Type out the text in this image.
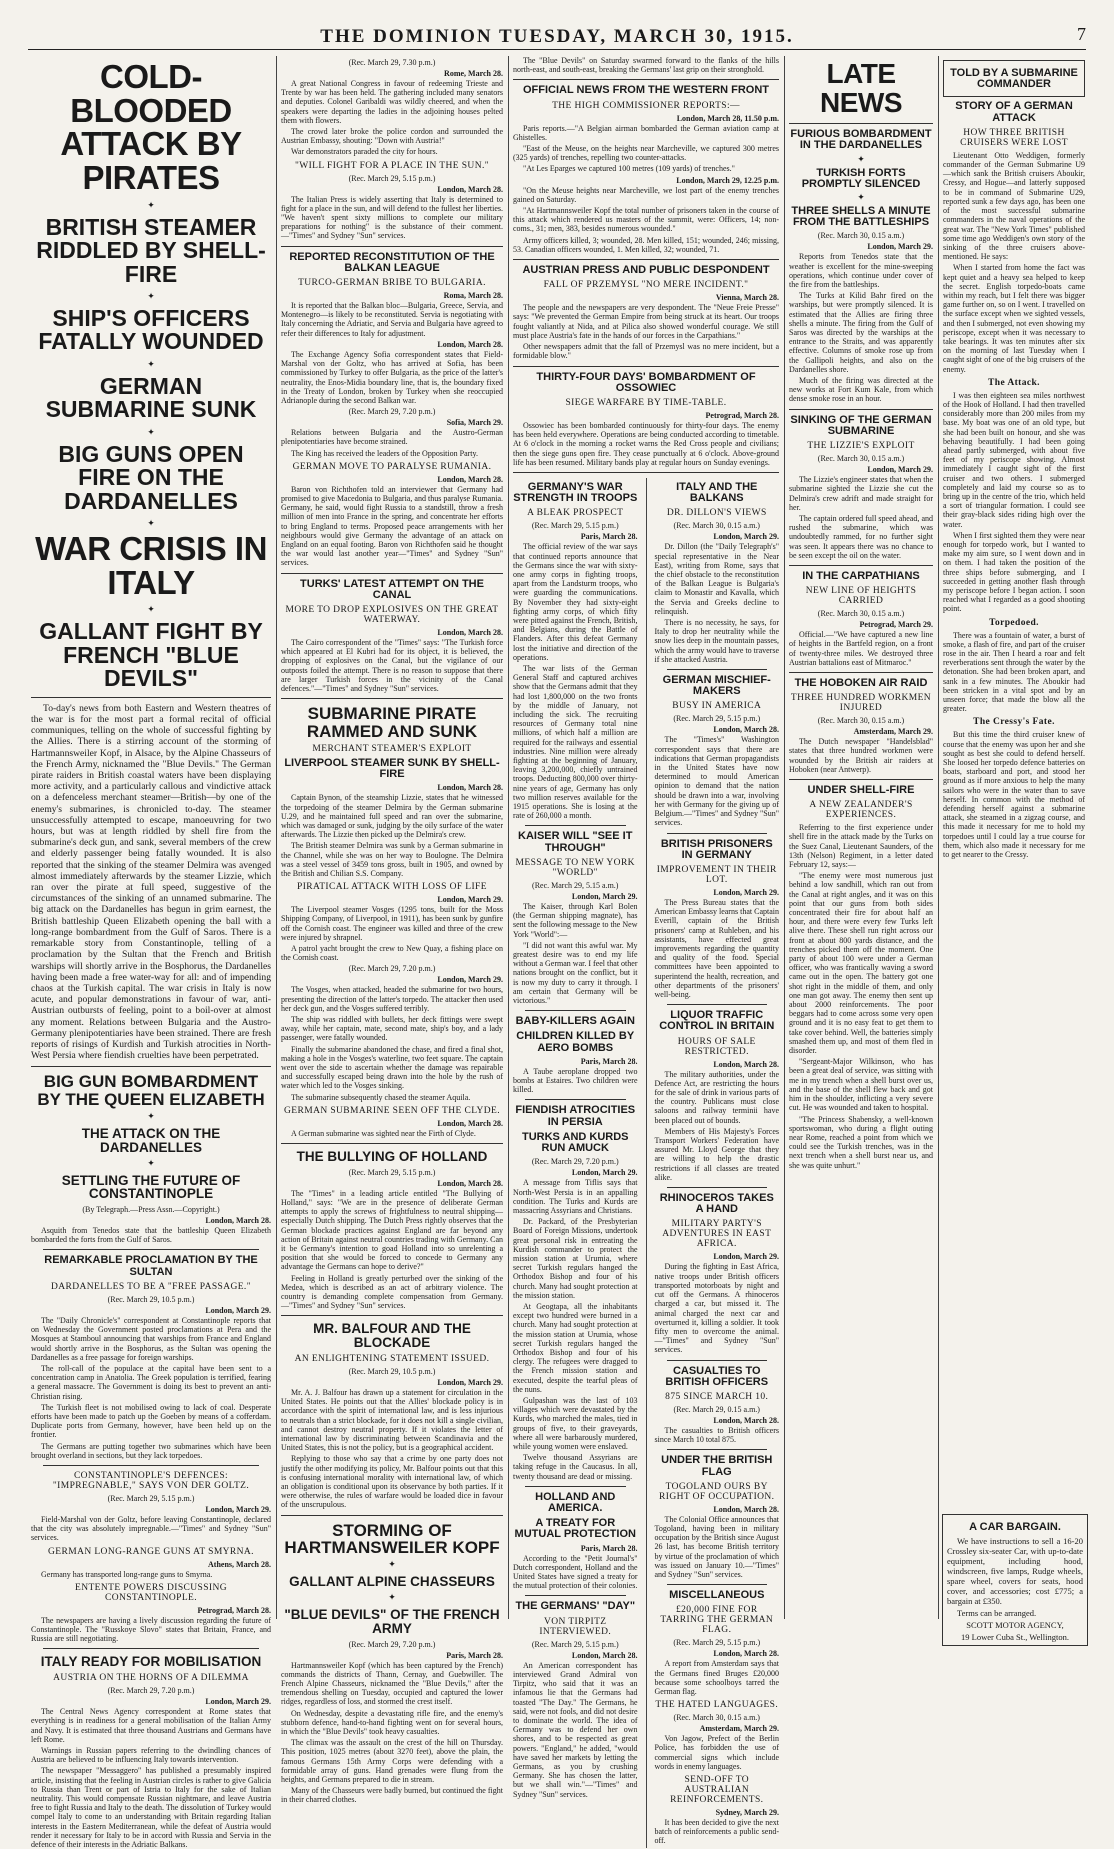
THE DOMINION TUESDAY, MARCH 30, 1915.	7
COLD-BLOODED ATTACK BY PIRATES
✦
BRITISH STEAMER RIDDLED BY SHELL-FIRE
✦
SHIP'S OFFICERS FATALLY WOUNDED
✦
GERMAN SUBMARINE SUNK
✦
BIG GUNS OPEN FIRE ON THE DARDANELLES
✦
WAR CRISIS IN ITALY
✦
GALLANT FIGHT BY FRENCH "BLUE DEVILS"

To-day's news from both Eastern and Western theatres of the war is for the most part a formal recital of official communiques, telling on the whole of successful fighting by the Allies. There is a stirring account of the storming of Hartmannsweiler Kopf, in Alsace, by the Alpine Chasseurs of the French Army, nicknamed the "Blue Devils." The German pirate raiders in British coastal waters have been displaying more activity, and a particularly callous and vindictive attack on a defenceless merchant steamer—British—by one of the enemy's submarines, is chronicled to-day. The steamer unsuccessfully attempted to escape, manoeuvring for two hours, but was at length riddled by shell fire from the submarine's deck gun, and sank, several members of the crew and elderly passenger being fatally wounded. It is also reported that the sinking of the steamer Delmira was avenged almost immediately afterwards by the steamer Lizzie, which ran over the pirate at full speed, suggestive of the circumstances of the sinking of an unnamed submarine. The big attack on the Dardanelles has begun in grim earnest, the British battleship Queen Elizabeth opening the ball with a long-range bombardment from the Gulf of Saros. There is a remarkable story from Constantinople, telling of a proclamation by the Sultan that the French and British warships will shortly arrive in the Bosphorus, the Dardanelles having been made a free water-way for all: and of impending chaos at the Turkish capital. The war crisis in Italy is now acute, and popular demonstrations in favour of war, anti-Austrian outbursts of feeling, point to a boil-over at almost any moment. Relations between Bulgaria and the Austro-Germany plenipotentiaries have been strained. There are fresh reports of risings of Kurdish and Turkish atrocities in North-West Persia where fiendish cruelties have been perpetrated.

BIG GUN BOMBARDMENT BY THE QUEEN ELIZABETH
✦
THE ATTACK ON THE DARDANELLES
✦
SETTLING THE FUTURE OF CONSTANTINOPLE
(By Telegraph.—Press Assn.—Copyright.)
London, March 28.

Asquith from Tenedos state that the battleship Queen Elizabeth bombarded the forts from the Gulf of Saros.

REMARKABLE PROCLAMATION BY THE SULTAN
DARDANELLES TO BE A "FREE PASSAGE."
(Rec. March 29, 10.5 p.m.)
London, March 29.

The "Daily Chronicle's" correspondent at Constantinople reports that on Wednesday the Government posted proclamations at Pera and the Mosques at Stamboul announcing that warships from France and England would shortly arrive in the Bosphorus, as the Sultan was opening the Dardanelles as a free passage for foreign warships.

The roll-call of the populace at the capital have been sent to a concentration camp in Anatolia. The Greek population is terrified, fearing a general massacre. The Government is doing its best to prevent an anti-Christian rising.

The Turkish fleet is not mobilised owing to lack of coal. Desperate efforts have been made to patch up the Goeben by means of a cofferdam. Duplicate ports from Germany, however, have been held up on the frontier.

The Germans are putting together two submarines which have been brought overland in sections, but they lack torpedoes.

CONSTANTINOPLE'S DEFENCES: "IMPREGNABLE," SAYS VON DER GOLTZ.
(Rec. March 29, 5.15 p.m.)
London, March 29.

Field-Marshal von der Goltz, before leaving Constantinople, declared that the city was absolutely impregnable.—"Times" and Sydney "Sun" services.

GERMAN LONG-RANGE GUNS AT SMYRNA.
Athens, March 28.

Germany has transported long-range guns to Smyrna.

ENTENTE POWERS DISCUSSING CONSTANTINOPLE.
Petrograd, March 28.

The newspapers are having a lively discussion regarding the future of Constantinople. The "Russkoye Slovo" states that Britain, France, and Russia are still negotiating.

ITALY READY FOR MOBILISATION
AUSTRIA ON THE HORNS OF A DILEMMA
(Rec. March 29, 7.20 p.m.)
London, March 29.

The Central News Agency correspondent at Rome states that everything is in readiness for a general mobilisation of the Italian Army and Navy. It is estimated that three thousand Austrians and Germans have left Rome.

Warnings in Russian papers referring to the dwindling chances of Austria are believed to be influencing Italy towards intervention.

The newspaper "Messaggero" has published a presumably inspired article, insisting that the feeling in Austrian circles is rather to give Galicia to Russia than Trent or part of Istria to Italy for the sake of Italian neutrality. This would compensate Russian nightmare, and leave Austria free to fight Russia and Italy to the death. The dissolution of Turkey would compel Italy to come to an understanding with Britain regarding Italian interests in the Eastern Mediterranean, while the defeat of Austria would render it necessary for Italy to be in accord with Russia and Servia in the defence of their interests in the Adriatic Balkans.

(Rec. March 29, 7.30 p.m.)
Rome, March 28.

A great National Congress in favour of redeeming Trieste and Trente by war has been held. The gathering included many senators and deputies. Colonel Garibaldi was wildly cheered, and when the speakers were departing the ladies in the adjoining houses pelted them with flowers.

The crowd later broke the police cordon and surrounded the Austrian Embassy, shouting: "Down with Austria!"

War demonstrators paraded the city for hours.

"WILL FIGHT FOR A PLACE IN THE SUN."
(Rec. March 29, 5.15 p.m.)
London, March 28.

The Italian Press is widely asserting that Italy is determined to fight for a place in the sun, and will defend to the fullest her liberties. "We haven't spent sixty millions to complete our military preparations for nothing" is the substance of their comment.—"Times" and Sydney "Sun" services.

REPORTED RECONSTITUTION OF THE BALKAN LEAGUE
TURCO-GERMAN BRIBE TO BULGARIA.
Roma, March 28.

It is reported that the Balkan bloc—Bulgaria, Greece, Servia, and Montenegro—is likely to be reconstituted. Servia is negotiating with Italy concerning the Adriatic, and Servia and Bulgaria have agreed to refer their differences to Italy for adjustment.

London, March 28.

The Exchange Agency Sofia correspondent states that Field-Marshal von der Goltz, who has arrived at Sofia, has been commissioned by Turkey to offer Bulgaria, as the price of the latter's neutrality, the Enos-Midia boundary line, that is, the boundary fixed in the Treaty of London, broken by Turkey when she reoccupied Adrianople during the second Balkan war.

(Rec. March 29, 7.20 p.m.)
Sofia, March 29.

Relations between Bulgaria and the Austro-German plenipotentiaries have become strained.

The King has received the leaders of the Opposition Party.

GERMAN MOVE TO PARALYSE RUMANIA.
London, March 28.

Baron von Richthofen told an interviewer that Germany had promised to give Macedonia to Bulgaria, and thus paralyse Rumania. Germany, he said, would fight Russia to a standstill, throw a fresh million of men into France in the spring, and concentrate her efforts to bring England to terms. Proposed peace arrangements with her neighbours would give Germany the advantage of an attack on England on an equal footing. Baron von Richthofen said he thought the war would last another year—"Times" and Sydney "Sun" services.

TURKS' LATEST ATTEMPT ON THE CANAL
MORE TO DROP EXPLOSIVES ON THE GREAT WATERWAY.
London, March 28.

The Cairo correspondent of the "Times" says: "The Turkish force which appeared at El Kubri had for its object, it is believed, the dropping of explosives on the Canal, but the vigilance of our outposts foiled the attempt. There is no reason to suppose that there are larger Turkish forces in the vicinity of the Canal defences."—"Times" and Sydney "Sun" services.

SUBMARINE PIRATE RAMMED AND SUNK
MERCHANT STEAMER'S EXPLOIT
LIVERPOOL STEAMER SUNK BY SHELL-FIRE
London, March 28.

Captain Bynon, of the steamship Lizzie, states that he witnessed the torpedoing of the steamer Delmira by the German submarine U.29, and he maintained full speed and ran over the submarine, which was damaged or sunk, judging by the oily surface of the water afterwards. The Lizzie then picked up the Delmira's crew.

The British steamer Delmira was sunk by a German submarine in the Channel, while she was on her way to Boulogne. The Delmira was a steel vessel of 3459 tons gross, built in 1905, and owned by the British and Chilian S.S. Company.

PIRATICAL ATTACK WITH LOSS OF LIFE
London, March 29.

The Liverpool steamer Vosges (1295 tons, built for the Moss Shipping Company, of Liverpool, in 1911), has been sunk by gunfire off the Cornish coast. The engineer was killed and three of the crew were injured by shrapnel.

A patrol yacht brought the crew to New Quay, a fishing place on the Cornish coast.

(Rec. March 29, 7.20 p.m.)
London, March 29.

The Vosges, when attacked, headed the submarine for two hours, presenting the direction of the latter's torpedo. The attacker then used her deck gun, and the Vosges suffered terribly.

The ship was riddled with bullets, her deck fittings were swept away, while her captain, mate, second mate, ship's boy, and a lady passenger, were fatally wounded.

Finally the submarine abandoned the chase, and fired a final shot, making a hole in the Vosges's waterline, two feet square. The captain went over the side to ascertain whether the damage was repairable and successfully escaped being drawn into the hole by the rush of water which led to the Vosges sinking.

The submarine subsequently chased the steamer Aquila.

GERMAN SUBMARINE SEEN OFF THE CLYDE.
London, March 28.

A German submarine was sighted near the Firth of Clyde.

THE BULLYING OF HOLLAND
(Rec. March 29, 5.15 p.m.)
London, March 28.

The "Times" in a leading article entitled "The Bullying of Holland," says: "We are in the presence of deliberate German attempts to apply the screws of frightfulness to neutral shipping—especially Dutch shipping. The Dutch Press rightly observes that the German blockade practices against England are far beyond any action of Britain against neutral countries trading with Germany. Can it be Germany's intention to goad Holland into so unrelenting a position that she would be forced to concede to Germany any advantage the Germans can hope to derive?"

Feeling in Holland is greatly perturbed over the sinking of the Medea, which is described as an act of arbitrary violence. The country is demanding complete compensation from Germany.—"Times" and Sydney "Sun" services.

MR. BALFOUR AND THE BLOCKADE
AN ENLIGHTENING STATEMENT ISSUED.
(Rec. March 29, 10.5 p.m.)
London, March 29.

Mr. A. J. Balfour has drawn up a statement for circulation in the United States. He points out that the Allies' blockade policy is in accordance with the spirit of international law, and is less injurious to neutrals than a strict blockade, for it does not kill a single civilian, and cannot destroy neutral property. If it violates the letter of international law by discriminating between Scandinavia and the United States, this is not the policy, but is a geographical accident.

Replying to those who say that a crime by one party does not justify the other modifying its policy, Mr. Balfour points out that this is confusing international morality with international law, of which an obligation is conditional upon its observance by both parties. If it were otherwise, the rules of warfare would be loaded dice in favour of the unscrupulous.

STORMING OF HARTMANSWEILER KOPF
✦
GALLANT ALPINE CHASSEURS
✦
"BLUE DEVILS" OF THE FRENCH ARMY
(Rec. March 29, 7.20 p.m.)
Paris, March 28.

Hartmannsweiler Kopf (which has been captured by the French) commands the districts of Thann, Cernay, and Guebwiller. The French Alpine Chasseurs, nicknamed the "Blue Devils," after the tremendous shelling on Tuesday, occupied and captured the lower ridges, regardless of loss, and stormed the crest itself.

On Wednesday, despite a devastating rifle fire, and the enemy's stubborn defence, hand-to-hand fighting went on for several hours, in which the "Blue Devils" took heavy casualties.

The climax was the assault on the crest of the hill on Thursday. This position, 1025 metres (about 3270 feet), above the plain, the famous Germans 15th Army Corps were defending with a formidable array of guns. Hand grenades were flung from the heights, and Germans prepared to die in stream.

Many of the Chasseurs were badly burned, but continued the fight in their charred clothes.

The "Blue Devils" on Saturday swarmed forward to the flanks of the hills north-east, and south-east, breaking the Germans' last grip on their stronghold.

OFFICIAL NEWS FROM THE WESTERN FRONT
THE HIGH COMMISSIONER REPORTS:—
London, March 28, 11.50 p.m.

Paris reports.—"A Belgian airman bombarded the German aviation camp at Ghistelles.

"East of the Meuse, on the heights near Marcheville, we captured 300 metres (325 yards) of trenches, repelling two counter-attacks.

"At Les Eparges we captured 100 metres (109 yards) of trenches."

London, March 29, 12.25 p.m.

"On the Meuse heights near Marcheville, we lost part of the enemy trenches gained on Saturday.

"At Hartmannsweiler Kopf the total number of prisoners taken in the course of this attack which rendered us masters of the summit, were: Officers, 14; non-coms., 31; men, 383, besides numerous wounded."

Army officers killed, 3; wounded, 28. Men killed, 151; wounded, 246; missing, 53. Canadian officers wounded, 1. Men killed, 32; wounded, 71.

AUSTRIAN PRESS AND PUBLIC DESPONDENT
FALL OF PRZEMYSL "NO MERE INCIDENT."
Vienna, March 28.

The people and the newspapers are very despondent. The "Neue Freie Presse" says: "We prevented the German Empire from being struck at its heart. Our troops fought valiantly at Nida, and at Pilica also showed wonderful courage. We still must place Austria's fate in the hands of our forces in the Carpathians."

Other newspapers admit that the fall of Przemysl was no mere incident, but a formidable blow."

THIRTY-FOUR DAYS' BOMBARDMENT OF OSSOWIEC
SIEGE WARFARE BY TIME-TABLE.
Petrograd, March 28.

Ossowiec has been bombarded continuously for thirty-four days. The enemy has been held everywhere. Operations are being conducted according to timetable. At 6 o'clock in the morning a rocket warns the Red Cross people and civilians; then the siege guns open fire. They cease punctually at 6 o'clock. Above-ground life has been resumed. Military bands play at regular hours on Sunday evenings.

GERMANY'S WAR STRENGTH IN TROOPS
A BLEAK PROSPECT
(Rec. March 29, 5.15 p.m.)
Paris, March 28.

The official review of the war says that continued reports announce that the Germans since the war with sixty-one army corps in fighting troops, apart from the Landsturm troops, who were guarding the communications. By November they had sixty-eight fighting army corps, of which fifty were pitted against the French, British, and Belgians, during the Battle of Flanders. After this defeat Germany lost the initiative and direction of the operations.

The war lists of the German General Staff and captured archives show that the Germans admit that they had lost 1,800,000 on the two fronts by the middle of January, not including the sick. The recruiting resources of Germany total nine millions, of which half a million are required for the railways and essential industries. Nine million were already fighting at the beginning of January, leaving 3,200,000, chiefly untrained troops. Deducting 800,000 over thirty-nine years of age, Germany has only two million reserves available for the 1915 operations. She is losing at the rate of 260,000 a month.

KAISER WILL "SEE IT THROUGH"
MESSAGE TO NEW YORK "WORLD"
(Rec. March 29, 5.15 a.m.)
London, March 29.

The Kaiser, through Karl Bolen (the German shipping magnate), has sent the following message to the New York "World":—

"I did not want this awful war. My greatest desire was to end my life without a German war. I feel that other nations brought on the conflict, but it is now my duty to carry it through. I am certain that Germany will be victorious."

BABY-KILLERS AGAIN
CHILDREN KILLED BY AERO BOMBS
Paris, March 28.

A Taube aeroplane dropped two bombs at Estaires. Two children were killed.

FIENDISH ATROCITIES IN PERSIA
TURKS AND KURDS RUN AMUCK
(Rec. March 29, 7.20 p.m.)
London, March 29.

A message from Tiflis says that North-West Persia is in an appalling condition. The Turks and Kurds are massacring Assyrians and Christians.

Dr. Packard, of the Presbyterian Board of Foreign Missions, undertook great personal risk in entreating the Kurdish commander to protect the mission station at Urumia, where secret Turkish regulars hanged the Orthodox Bishop and four of his church. Many had sought protection at the mission station.

At Geogtapa, all the inhabitants except two hundred were burned in a church. Many had sought protection at the mission station at Urumia, whose secret Turkish regulars hanged the Orthodox Bishop and four of his clergy. The refugees were dragged to the French mission station and executed, despite the tearful pleas of the nuns.

Gulpashan was the last of 103 villages which were devastated by the Kurds, who marched the males, tied in groups of five, to their graveyards, where all were barbarously murdered, while young women were enslaved.

Twelve thousand Assyrians are taking refuge in the Caucasus. In all, twenty thousand are dead or missing.

HOLLAND AND AMERICA.
A TREATY FOR MUTUAL PROTECTION
Paris, March 28.

According to the "Petit Journal's" Dutch correspondent, Holland and the United States have signed a treaty for the mutual protection of their colonies.

THE GERMANS' "DAY"
VON TIRPITZ INTERVIEWED.
(Rec. March 29, 5.15 p.m.)
London, March 28.

An American correspondent has interviewed Grand Admiral von Tirpitz, who said that it was an infamous lie that the Germans had toasted "The Day." The Germans, he said, were not fools, and did not desire to dominate the world. The idea of Germany was to defend her own shores, and to be respected as great powers. "England," he added, "would have saved her markets by letting the Germans, as you by crushing Germany. She has chosen the latter, but we shall win."—"Times" and Sydney "Sun" services.

ITALY AND THE BALKANS
DR. DILLON'S VIEWS
(Rec. March 30, 0.15 a.m.)
London, March 29.

Dr. Dillon (the "Daily Telegraph's" special representative in the Near East), writing from Rome, says that the chief obstacle to the reconstitution of the Balkan League is Bulgaria's claim to Monastir and Kavalla, which the Servia and Greeks decline to relinquish.

There is no necessity, he says, for Italy to drop her neutrality while the snow lies deep in the mountain passes, which the army would have to traverse if she attacked Austria.

GERMAN MISCHIEF-MAKERS
BUSY IN AMERICA
(Rec. March 29, 5.15 p.m.)
London, March 28.

The "Times's" Washington correspondent says that there are indications that German propagandists in the United States have now determined to mould American opinion to demand that the nation should be drawn into a war, involving her with Germany for the giving up of Belgium.—"Times" and Sydney "Sun" services.

BRITISH PRISONERS IN GERMANY
IMPROVEMENT IN THEIR LOT.
London, March 29.

The Press Bureau states that the American Embassy learns that Captain Everill, captain of the British prisoners' camp at Ruhleben, and his assistants, have effected great improvements regarding the quantity and quality of the food. Special committees have been appointed to superintend the health, recreation, and other departments of the prisoners' well-being.

LIQUOR TRAFFIC CONTROL IN BRITAIN
HOURS OF SALE RESTRICTED.
London, March 28.

The military authorities, under the Defence Act, are restricting the hours for the sale of drink in various parts of the country. Publicans must close saloons and railway terminii have been placed out of bounds.

Members of His Majesty's Forces Transport Workers' Federation have assured Mr. Lloyd George that they are willing to help the drastic restrictions if all classes are treated alike.

RHINOCEROS TAKES A HAND
MILITARY PARTY'S ADVENTURES IN EAST AFRICA.
London, March 29.

During the fighting in East Africa, native troops under British officers transported motorboats by night and cut off the Germans. A rhinoceros charged a car, but missed it. The animal charged the next car and overturned it, killing a soldier. It took fifty men to overcome the animal.—"Times" and Sydney "Sun" services.

CASUALTIES TO BRITISH OFFICERS
875 SINCE MARCH 10.
(Rec. March 29, 0.15 a.m.)
London, March 28.

The casualties to British officers since March 10 total 875.

UNDER THE BRITISH FLAG
TOGOLAND OURS BY RIGHT OF OCCUPATION.
London, March 28.

The Colonial Office announces that Togoland, having been in military occupation by the British since August 26 last, has become British territory by virtue of the proclamation of which was issued on January 10.—"Times" and Sydney "Sun" services.

MISCELLANEOUS
£20,000 FINE FOR TARRING THE GERMAN FLAG.
(Rec. March 29, 5.15 p.m.)
London, March 28.

A report from Amsterdam says that the Germans fined Bruges £20,000 because some schoolboys tarred the German flag.

THE HATED LANGUAGES.
(Rec. March 30, 0.15 a.m.)
Amsterdam, March 29.

Von Jagow, Prefect of the Berlin Police, has forbidden the use of commercial signs which include words in enemy languages.

SEND-OFF TO AUSTRALIAN REINFORCEMENTS.
Sydney, March 29.

It has been decided to give the next batch of reinforcements a public send-off.

LATE NEWS
FURIOUS BOMBARDMENT IN THE DARDANELLES
✦
TURKISH FORTS PROMPTLY SILENCED
✦
THREE SHELLS A MINUTE FROM THE BATTLESHIPS
(Rec. March 30, 0.15 a.m.)
London, March 29.

Reports from Tenedos state that the weather is excellent for the mine-sweeping operations, which continue under cover of the fire from the battleships.

The Turks at Kilid Bahr fired on the warships, but were promptly silenced. It is estimated that the Allies are firing three shells a minute. The firing from the Gulf of Saros was directed by the warships at the entrance to the Straits, and was apparently effective. Columns of smoke rose up from the Gallipoli heights, and also on the Dardanelles shore.

Much of the firing was directed at the new works at Fort Kum Kale, from which dense smoke rose in an hour.

SINKING OF THE GERMAN SUBMARINE
THE LIZZIE'S EXPLOIT
(Rec. March 30, 0.15 a.m.)
London, March 29.

The Lizzie's engineer states that when the submarine sighted the Lizzie she cut the Delmira's crew adrift and made straight for her.

The captain ordered full speed ahead, and rushed the submarine, which was undoubtedly rammed, for no further sight was seen. It appears there was no chance to be seen except the oil on the water.

IN THE CARPATHIANS
NEW LINE OF HEIGHTS CARRIED
(Rec. March 30, 0.15 a.m.)
Petrograd, March 29.

Official.—"We have captured a new line of heights in the Bartfeld region, on a front of twenty-three miles. We destroyed three Austrian battalions east of Mitmaroc."

THE HOBOKEN AIR RAID
THREE HUNDRED WORKMEN INJURED
(Rec. March 30, 0.15 a.m.)
Amsterdam, March 29.

The Dutch newspaper "Handelsblad" states that three hundred workmen were wounded by the British air raiders at Hoboken (near Antwerp).

UNDER SHELL-FIRE
A NEW ZEALANDER'S EXPERIENCES.

Referring to the first experience under shell fire in the attack made by the Turks on the Suez Canal, Lieutenant Saunders, of the 13th (Nelson) Regiment, in a letter dated February 12, says:—

"The enemy were most numerous just behind a low sandhill, which ran out from the Canal at right angles, and it was on this point that our guns from both sides concentrated their fire for about half an hour, and there were every few Turks left alive there. These shell run right across our front at about 800 yards distance, and the trenches picked them off the moment. One party of about 100 were under a German officer, who was frantically waving a sword came out in the open. The battery got one shot right in the middle of them, and only one man got away. The enemy then sent up about 2000 reinforcements. The poor beggars had to come across some very open ground and it is no easy feat to get them to take cover behind. Well, the batteries simply smashed them up, and most of them fled in disorder.

"Sergeant-Major Wilkinson, who has been a great deal of service, was sitting with me in my trench when a shell burst over us, and the base of the shell flew back and got him in the shoulder, inflicting a very severe cut. He was wounded and taken to hospital.

"The Princess Shabensky, a well-known sportswoman, who during a flight outing near Rome, reached a point from which we could see the Turkish trenches, was in the next trench when a shell burst near us, and she was quite unhurt."

TOLD BY A SUBMARINE COMMANDER
STORY OF A GERMAN ATTACK
HOW THREE BRITISH CRUISERS WERE LOST

Lieutenant Otto Weddigen, formerly commander of the German Submarine U9—which sank the British cruisers Aboukir, Cressy, and Hogue—and latterly supposed to be in command of Submarine U29, reported sunk a few days ago, has been one of the most successful submarine commanders in the naval operations of the great war. The "New York Times" published some time ago Weddigen's own story of the sinking of the three cruisers above-mentioned. He says:

When I started from home the fact was kept quiet and a heavy sea helped to keep the secret. English torpedo-boats came within my reach, but I felt there was bigger game further on, so on I went. I travelled on the surface except when we sighted vessels, and then I submerged, not even showing my periscope, except when it was necessary to take bearings. It was ten minutes after six on the morning of last Tuesday when I caught sight of one of the big cruisers of the enemy.

The Attack.

I was then eighteen sea miles northwest of the Hook of Holland. I had then travelled considerably more than 200 miles from my base. My boat was one of an old type, but she had been built on honour, and she was behaving beautifully. I had been going ahead partly submerged, with about five feet of my periscope showing. Almost immediately I caught sight of the first cruiser and two others. I submerged completely and laid my course so as to bring up in the centre of the trio, which held a sort of triangular formation. I could see their gray-black sides riding high over the water.

When I first sighted them they were near enough for torpedo work, but I wanted to make my aim sure, so I went down and in on them. I had taken the position of the three ships before submerging, and I succeeded in getting another flash through my periscope before I began action. I soon reached what I regarded as a good shooting point.

Torpedoed.

There was a fountain of water, a burst of smoke, a flash of fire, and part of the cruiser rose in the air. Then I heard a roar and felt reverberations sent through the water by the detonation. She had been broken apart, and sank in a few minutes. The Aboukir had been stricken in a vital spot and by an unseen force; that made the blow all the greater.

The Cressy's Fate.

But this time the third cruiser knew of course that the enemy was upon her and she sought as best she could to defend herself. She loosed her torpedo defence batteries on boats, starboard and port, and stood her ground as if more anxious to help the many sailors who were in the water than to save herself. In common with the method of defending herself against a submarine attack, she steamed in a zigzag course, and this made it necessary for me to hold my torpedoes until I could lay a true course for them, which also made it necessary for me to get nearer to the Cressy.

A CAR BARGAIN.

We have instructions to sell a 16-20 Crossley six-seater Car, with up-to-date equipment, including hood, windscreen, five lamps, Rudge wheels, spare wheel, covers for seats, hood cover, and accessories; cost £775; a bargain at £350.

Terms can be arranged.

SCOTT MOTOR AGENCY,
19 Lower Cuba St., Wellington.
